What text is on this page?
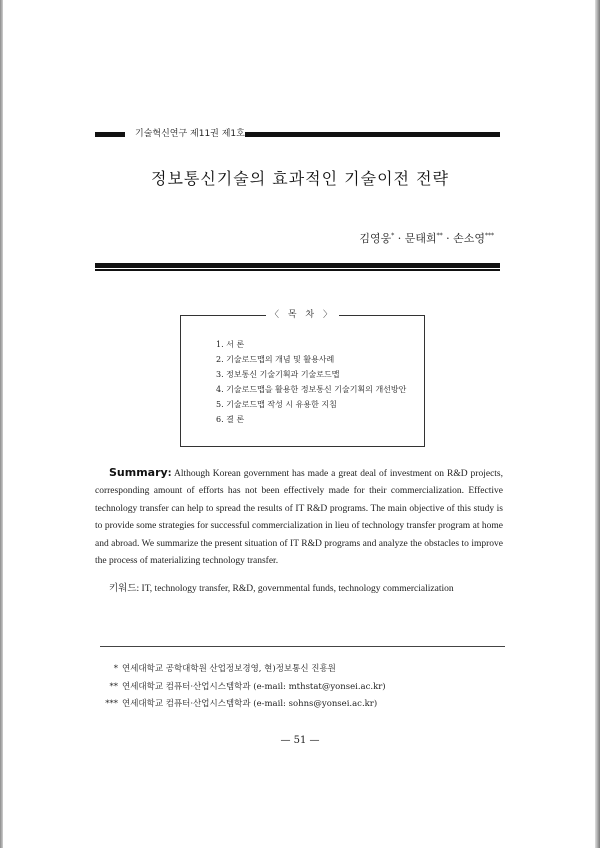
기술혁신연구 제11권 제1호
정보통신기술의 효과적인 기술이전 전략
김영웅* · 문태희** · 손소영***
〈 목 차 〉
1. 서 론
2. 기술로드맵의 개념 및 활용사례
3. 정보통신 기술기획과 기술로드맵
4. 기술로드맵을 활용한 정보통신 기술기획의 개선방안
5. 기술로드맵 작성 시 유용한 지침
6. 결 론
Summary: Although Korean government has made a great deal of investment on R&D projects, corresponding amount of efforts has not been effectively made for their commercialization. Effective technology transfer can help to spread the results of IT R&D programs. The main objective of this study is to provide some strategies for successful commercialization in lieu of technology transfer program at home and abroad. We summarize the present situation of IT R&D programs and analyze the obstacles to improve the process of materializing technology transfer.
키워드: IT, technology transfer, R&D, governmental funds, technology commercialization
* 연세대학교 공학대학원 산업정보경영, 현)정보통신 진흥원
** 연세대학교 컴퓨터·산업시스템학과 (e-mail: mthstat@yonsei.ac.kr)
*** 연세대학교 컴퓨터·산업시스템학과 (e-mail: sohns@yonsei.ac.kr)
— 51 —
